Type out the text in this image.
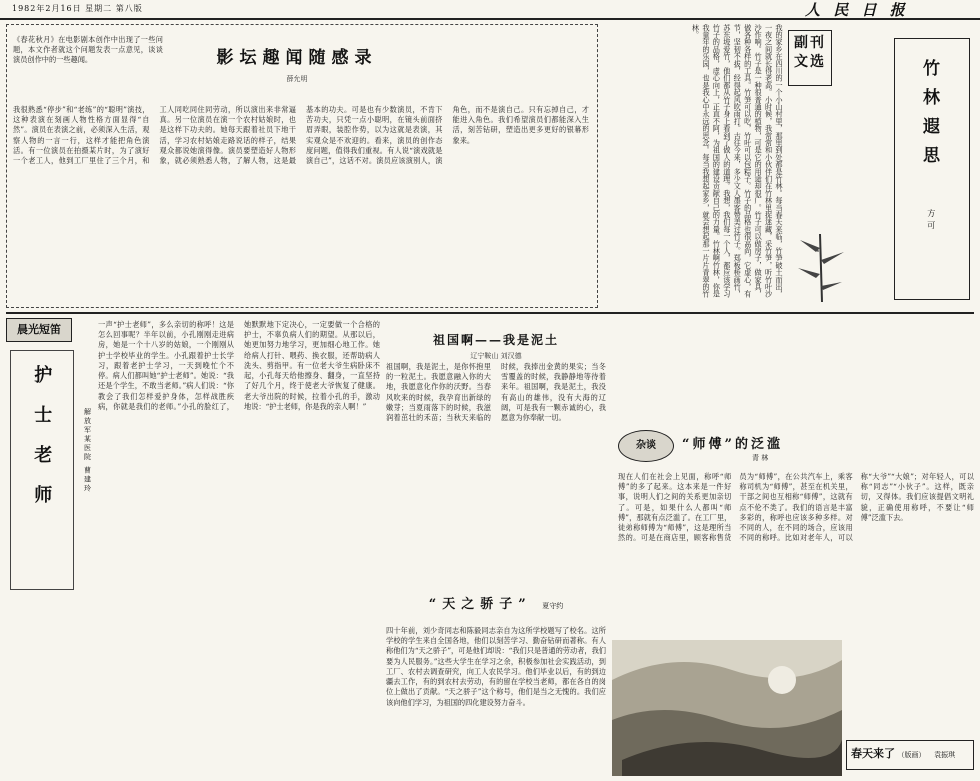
1982年2月16日 星期二 第八版	人 民 日 报
《春花秋月》在电影剧本创作中出现了一些问题，本文作者就这个问题发表一点意见，谈谈演员创作中的一些趣闻。	影坛趣闻随感录
薛允明
我很熟悉“停步”和“老练”的“聪明”演技，这种表演在刻画人物性格方面显得“自然”。演员在表演之前，必须深入生活，观察人物的一言一行，这样才能把角色演活。有一位演员在拍摄某片时，为了演好一个老工人，他到工厂里住了三个月，和工人同吃同住同劳动，所以演出来非常逼真。另一位演员在演一个农村姑娘时，也是这样下功夫的。她每天跟着社员下地干活，学习农村姑娘走路说话的样子，结果观众都说她演得像。演员要塑造好人物形象，就必须熟悉人物，了解人物，这是最基本的功夫。可是也有少数演员，不肯下苦功夫，只凭一点小聪明，在镜头前面挤眉弄眼，装腔作势，以为这就是表演，其实观众是不欢迎的。看来，演员的创作态度问题，值得我们重视。有人说“演戏就是演自己”，这话不对。演员应该演别人，演角色，而不是演自己。只有忘掉自己，才能进入角色。我们希望演员们都能深入生活，刻苦钻研，塑造出更多更好的银幕形象来。	我的家乡在四川的一个小山村里，那里到处都是竹林。每当春天来临，竹笋破土而出，一夜之间就长得老高。小时候，我常常和小伙伴们在竹林里捉迷藏，采竹笋，听竹叶沙沙作响。竹子是一种很普通的植物，可是它的用途却很广。竹子可以做房子，做家具，做各种各样的工具。竹笋可以吃，竹叶可以包粽子。竹子的品格也很高尚，它虚心，有节，坚韧不拔，经得起风吹雨打。古往今来，多少文人墨客赞美过竹子。郑板桥画竹，苏东坡爱竹，他们都从竹子身上看到了做人的道理。我想，我们每一个人，都应该学习竹子的品格，虚心向上，正直不阿，为祖国的建设贡献自己的力量。竹林啊竹林，你是我童年的乐园，也是我心中永远的思念。每当我想起家乡，就会想起那一片片青翠的竹林。
副刊
文选	竹林遐思
方可
晨光短笛
护士老师	解放军某医院 曹建玲
一声“护士老师”，多么亲切的称呼！这是怎么回事呢？半年以前，小孔刚刚走进病房，她是一个十八岁的姑娘，一个刚刚从护士学校毕业的学生。小孔跟着护士长学习，跟着老护士学习，一天到晚忙个不停。病人们都叫她“护士老师”。她说：“我还是个学生，不敢当老师。”病人们说：“你教会了我们怎样爱护身体，怎样战胜疾病，你就是我们的老师。”小孔的脸红了，她默默地下定决心，一定要做一个合格的护士，不辜负病人们的期望。从那以后，她更加努力地学习，更加细心地工作。她给病人打针、喂药、换衣服，还帮助病人洗头、剪指甲。有一位老大爷生病卧床不起，小孔每天给他擦身、翻身，一直坚持了好几个月，终于使老大爷恢复了健康。老大爷出院的时候，拉着小孔的手，激动地说：“护士老师，你是我的亲人啊！”
祖国啊——我是泥土
辽宁鞍山 刘汉德
祖国啊，我是泥土，是你怀抱里的一粒泥土。我愿意融入你的大地，我愿意化作你的沃野。当春风吹来的时候，我孕育出新绿的嫩芽；当夏雨落下的时候，我滋润着茁壮的禾苗；当秋天来临的时候，我捧出金黄的果实；当冬雪覆盖的时候，我静静地等待着来年。祖国啊，我是泥土，我没有高山的雄伟，没有大海的辽阔，可是我有一颗赤诚的心，我愿意为你奉献一切。
“天之骄子” 夏守约
四十年前，刘少奇同志和陈毅同志亲自为这所学校题写了校名。这所学校的学生来自全国各地，他们以刻苦学习、勤奋钻研而著称。有人称他们为“天之骄子”，可是他们却说：“我们只是普通的劳动者，我们要为人民服务。”这些大学生在学习之余，积极参加社会实践活动，到工厂、农村去调查研究，向工人农民学习。他们毕业以后，有的到边疆去工作，有的到农村去劳动，有的留在学校当老师，都在各自的岗位上做出了贡献。“天之骄子”这个称号，他们是当之无愧的。我们应该向他们学习，为祖国的四化建设努力奋斗。
杂谈	“师傅”的泛滥
青 林
现在人们在社会上见面，称呼“师傅”的多了起来。这本来是一件好事，说明人们之间的关系更加亲切了。可是，如果什么人都叫“师傅”，那就有点泛滥了。在工厂里，徒弟称师傅为“师傅”，这是理所当然的。可是在商店里，顾客称售货员为“师傅”，在公共汽车上，乘客称司机为“师傅”，甚至在机关里，干部之间也互相称“师傅”，这就有点不伦不类了。我们的语言是丰富多彩的，称呼也应该多种多样。对不同的人，在不同的场合，应该用不同的称呼。比如对老年人，可以称“大爷”“大娘”；对年轻人，可以称“同志”“小伙子”。这样，既亲切，又得体。我们应该提倡文明礼貌，正确使用称呼，不要让“师傅”泛滥下去。
春天来了 （版画） 袁振琪
